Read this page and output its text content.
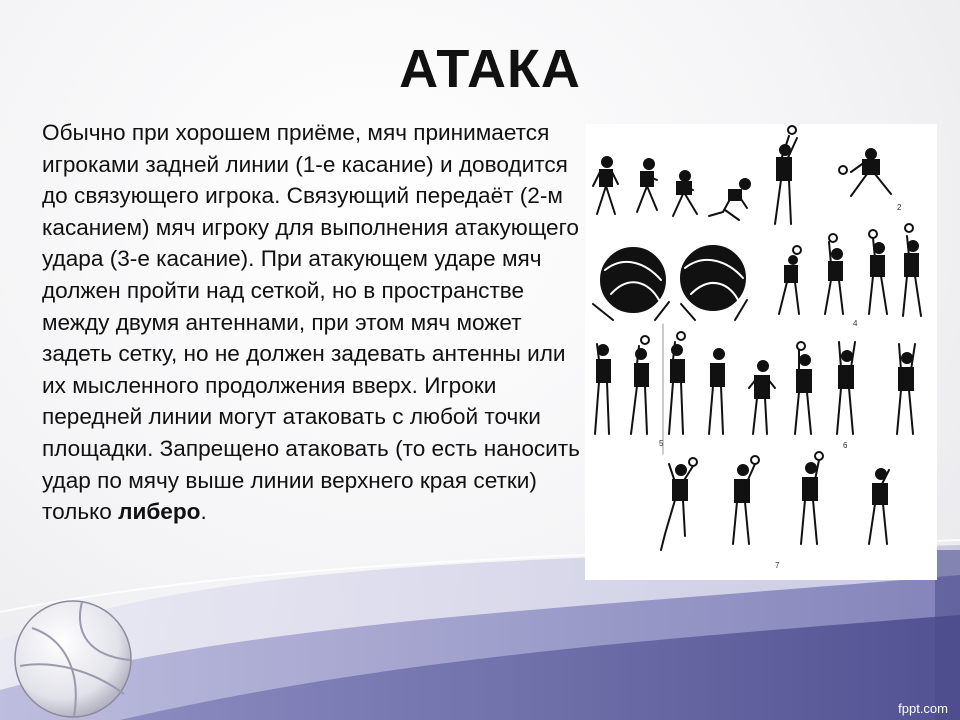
АТАКА
Обычно при хорошем приёме, мяч принимается игроками задней линии (1-е касание) и доводится до связующего игрока. Связующий передаёт (2-м касанием) мяч игроку для выполнения атакующего удара (3-е касание). При атакующем ударе мяч должен пройти над сеткой, но в пространстве между двумя антеннами, при этом мяч может задеть сетку, но не должен задевать антенны или их мысленного продолжения вверх. Игроки передней линии могут атаковать с любой точки площадки. Запрещено атаковать (то есть наносить удар по мячу выше линии верхнего края сетки) только либеро.
2
4
5	6
7
fppt.com
